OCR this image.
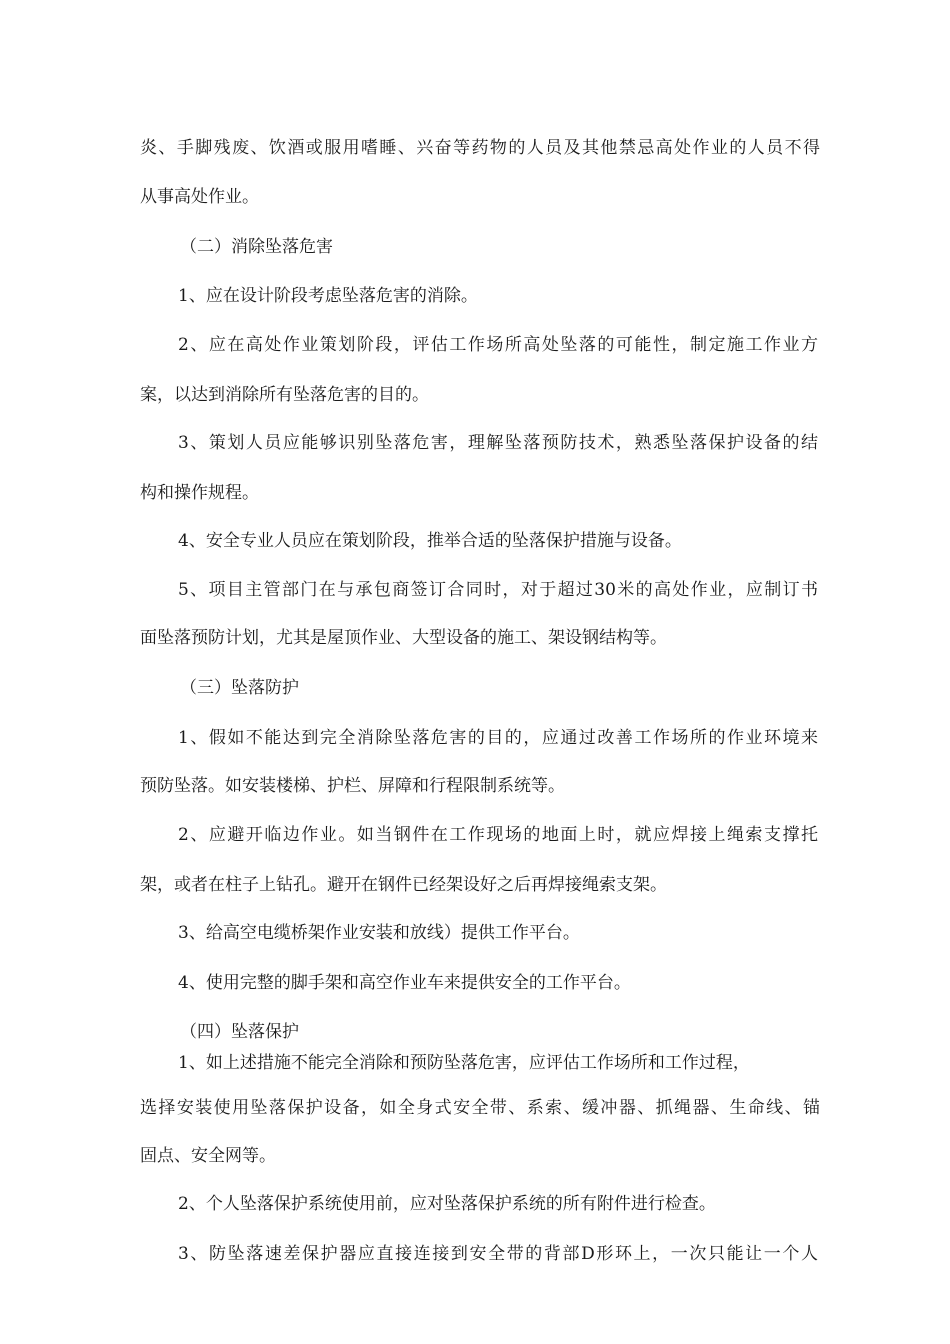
炎、手脚残废、饮酒或服用嗜睡、兴奋等药物的人员及其他禁忌高处作业的人员不得
从事高处作业。
（二）消除坠落危害
1、应在设计阶段考虑坠落危害的消除。
2、应在高处作业策划阶段，评估工作场所高处坠落的可能性，制定施工作业方
案，以达到消除所有坠落危害的目的。
3、策划人员应能够识别坠落危害，理解坠落预防技术，熟悉坠落保护设备的结
构和操作规程。
4、安全专业人员应在策划阶段，推举合适的坠落保护措施与设备。
5、项目主管部门在与承包商签订合同时，对于超过30米的高处作业，应制订书
面坠落预防计划，尤其是屋顶作业、大型设备的施工、架设钢结构等。
（三）坠落防护
1、假如不能达到完全消除坠落危害的目的，应通过改善工作场所的作业环境来
预防坠落。如安装楼梯、护栏、屏障和行程限制系统等。
2、应避开临边作业。如当钢件在工作现场的地面上时，就应焊接上绳索支撑托
架，或者在柱子上钻孔。避开在钢件已经架设好之后再焊接绳索支架。
3、给高空电缆桥架作业安装和放线）提供工作平台。
4、使用完整的脚手架和高空作业车来提供安全的工作平台。
（四）坠落保护
1、如上述措施不能完全消除和预防坠落危害，应评估工作场所和工作过程，
选择安装使用坠落保护设备，如全身式安全带、系索、缓冲器、抓绳器、生命线、锚
固点、安全网等。
2、个人坠落保护系统使用前，应对坠落保护系统的所有附件进行检查。
3、防坠落速差保护器应直接连接到安全带的背部D形环上，一次只能让一个人
